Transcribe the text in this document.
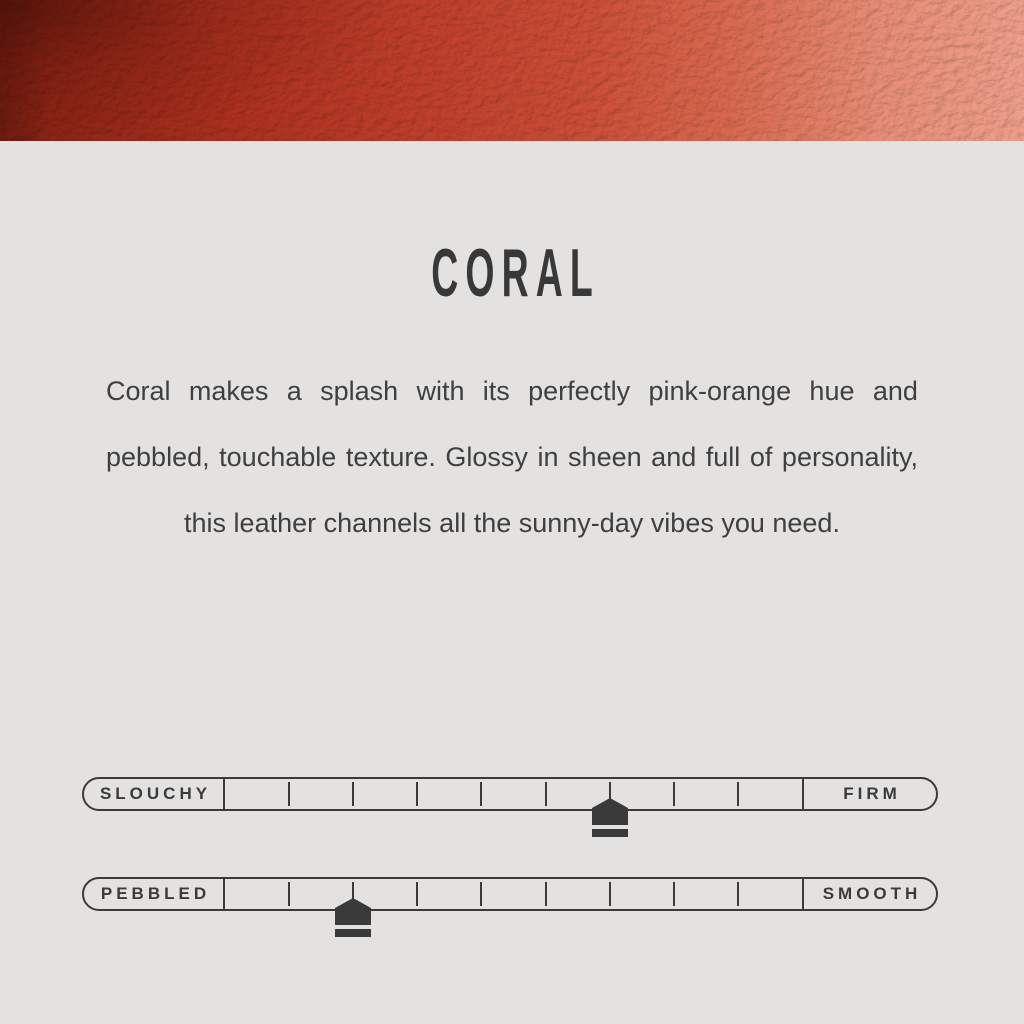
CORAL
Coral makes a splash with its perfectly pink-orange hue and
pebbled, touchable texture. Glossy in sheen and full of personality,
this leather channels all the sunny-day vibes you need.
SLOUCHY	FIRM
PEBBLED	SMOOTH
